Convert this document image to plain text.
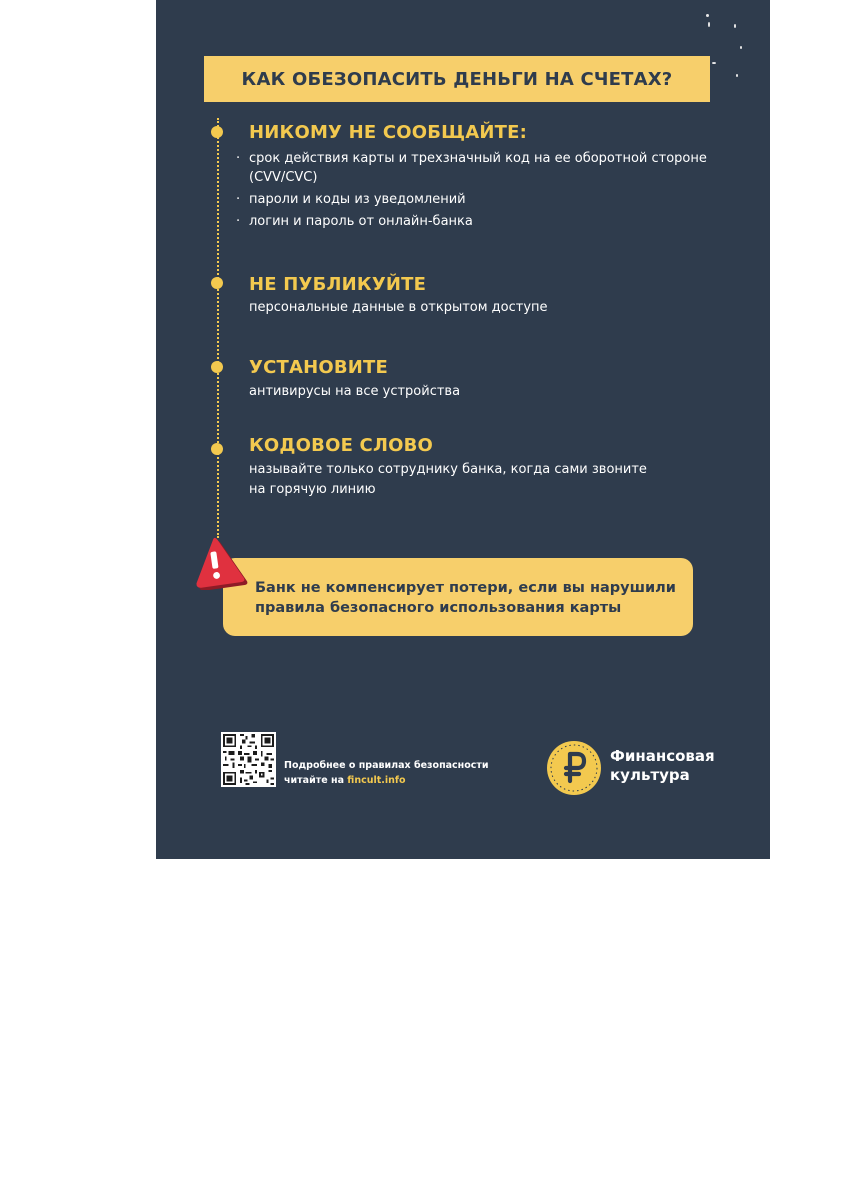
КАК ОБЕЗОПАСИТЬ ДЕНЬГИ НА СЧЕТАХ?
НИКОМУ НЕ СООБЩАЙТЕ:
· срок действия карты и трехзначный код на ее оборотной стороне (CVV/CVC)
· пароли и коды из уведомлений
· логин и пароль от онлайн-банка
НЕ ПУБЛИКУЙТЕ
персональные данные в открытом доступе
УСТАНОВИТЕ
антивирусы на все устройства
КОДОВОЕ СЛОВО
называйте только сотруднику банка, когда сами звоните
на горячую линию
Банк не компенсирует потери, если вы нарушили
правила безопасного использования карты
Подробнее о правилах безопасности
читайте на fincult.info
Финансовая
культура
